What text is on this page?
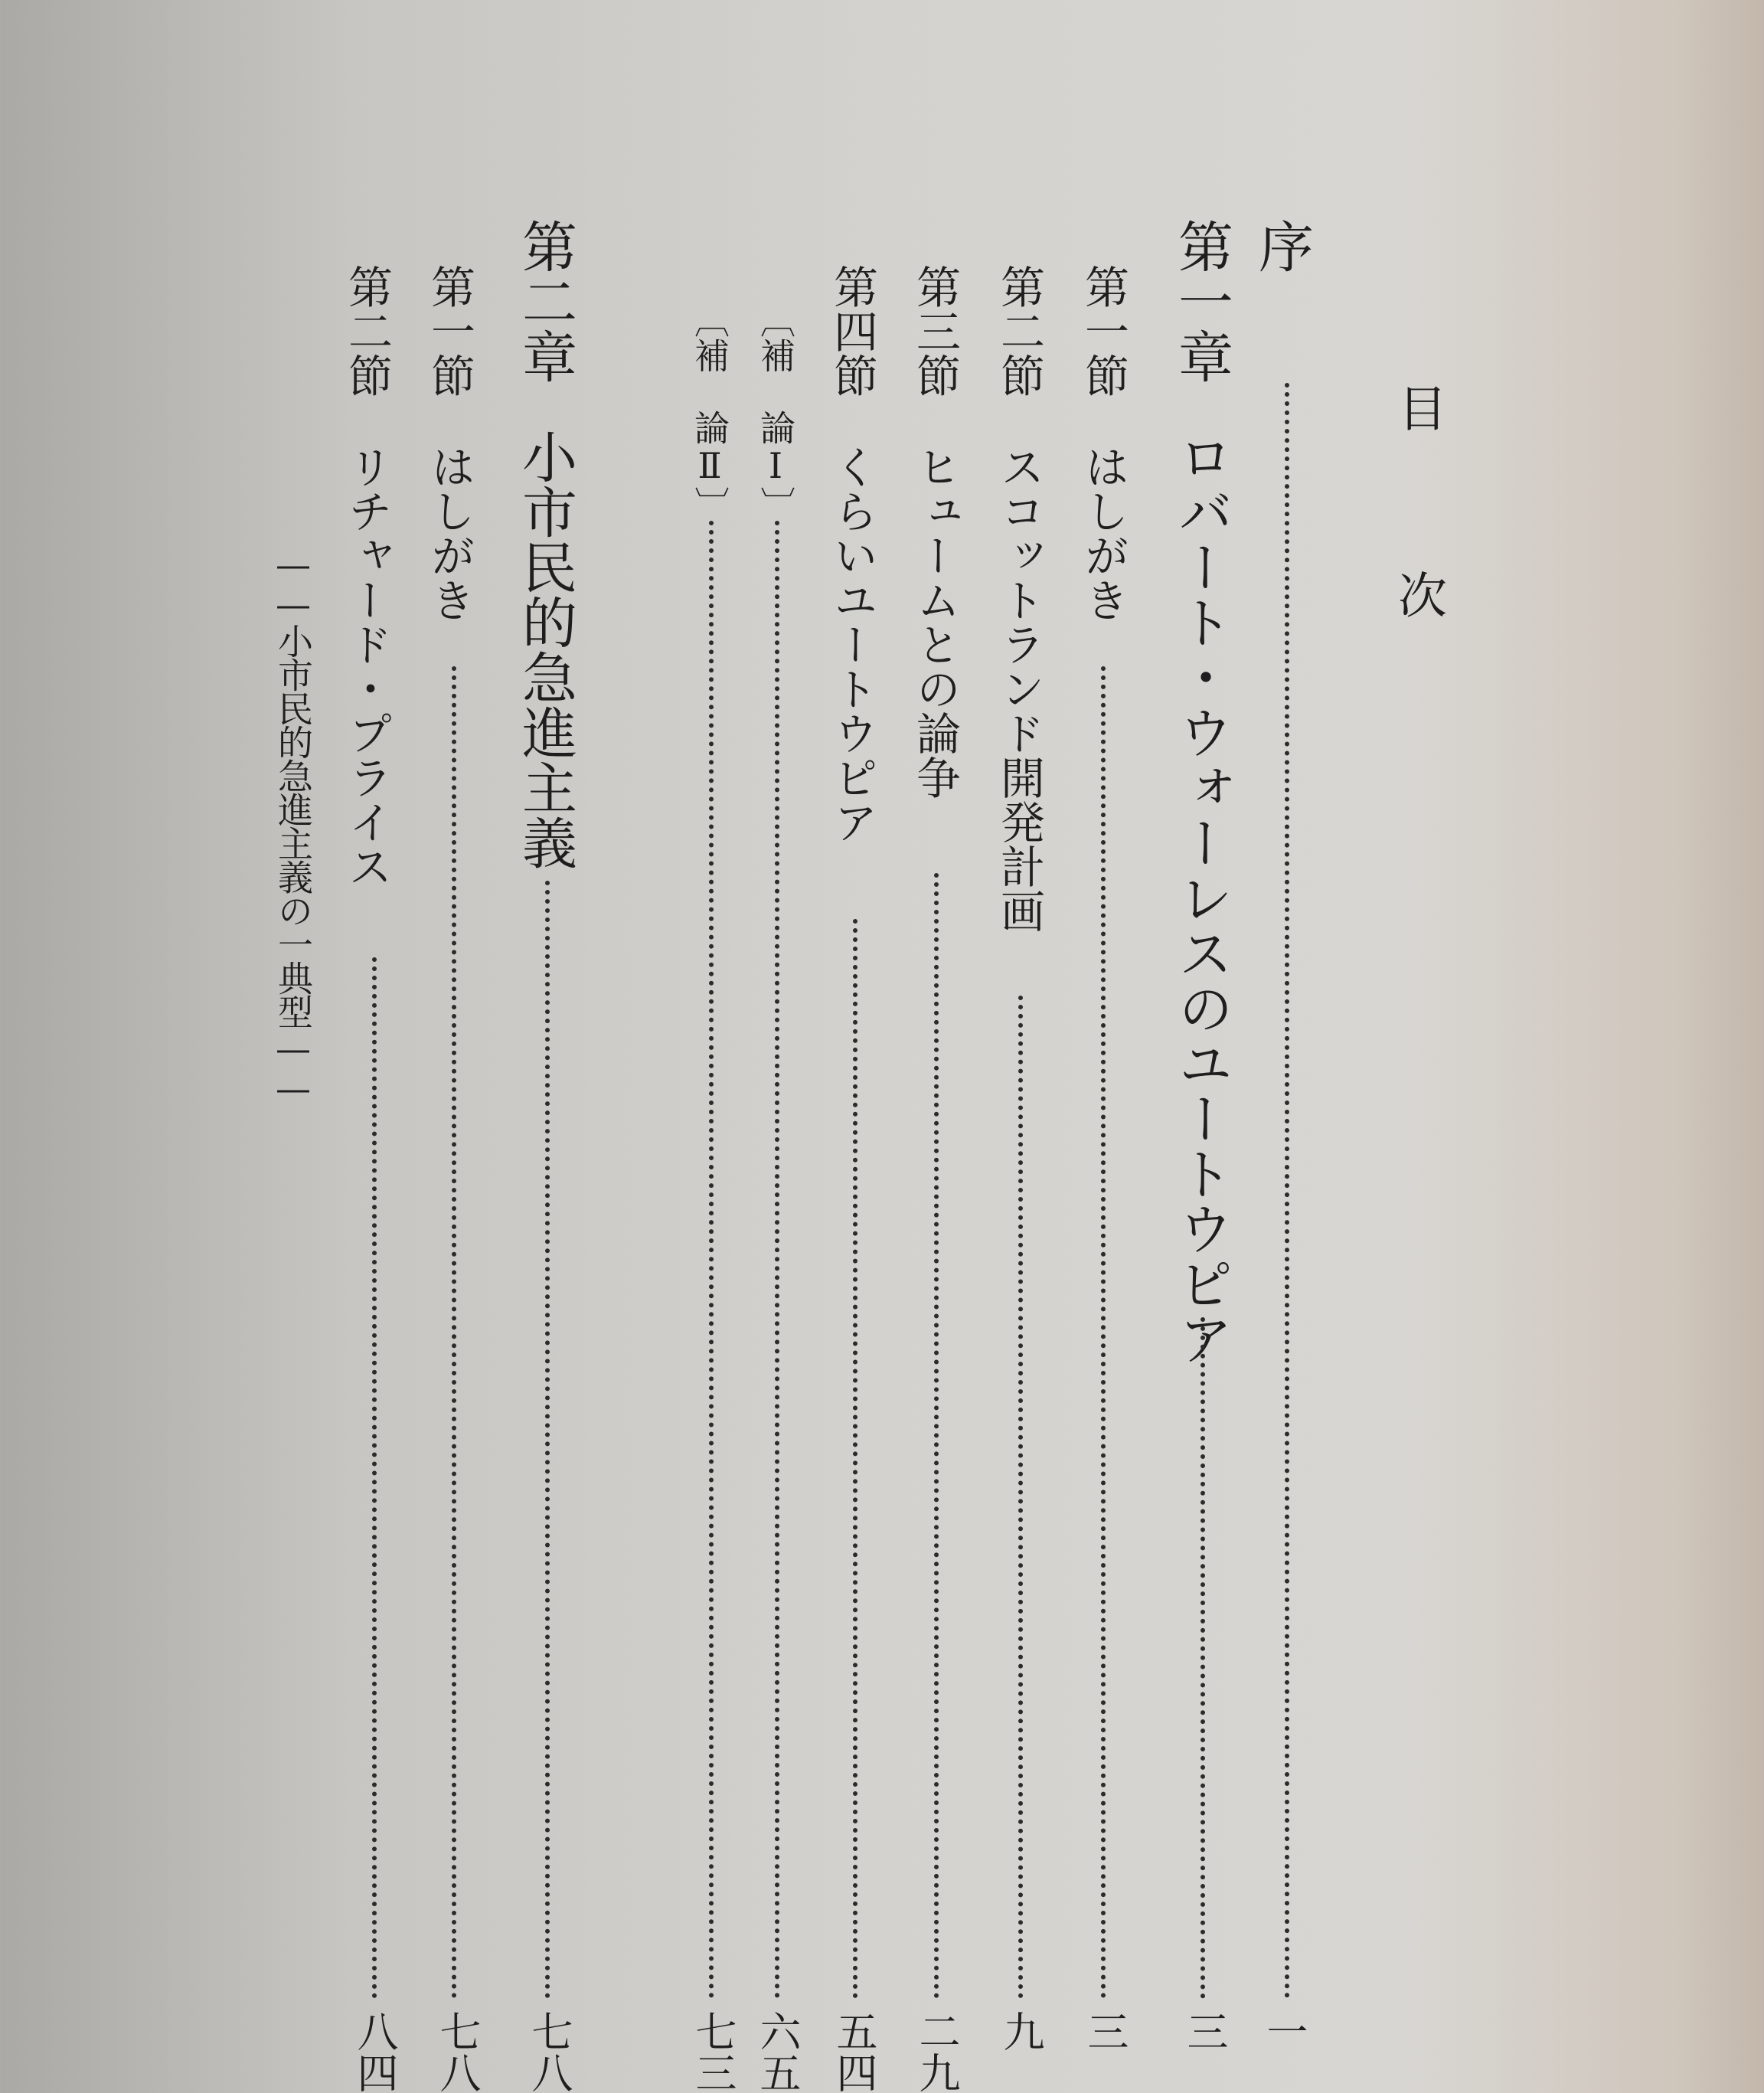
目次
序
一
第一章
ロバート・ウォーレスのユートウピア
三
第一節
はしがき
三
第二節
スコットランド開発計画
九
第三節
ヒュームとの論争
二九
第四節
くらいユートウピア
五四
〔補
論Ⅰ〕
六五
〔補
論Ⅱ〕
七三
第二章
小市民的急進主義
七八
第一節
はしがき
七八
第二節
リチャード・プライス
八四
——小市民的急進主義の一典型——
